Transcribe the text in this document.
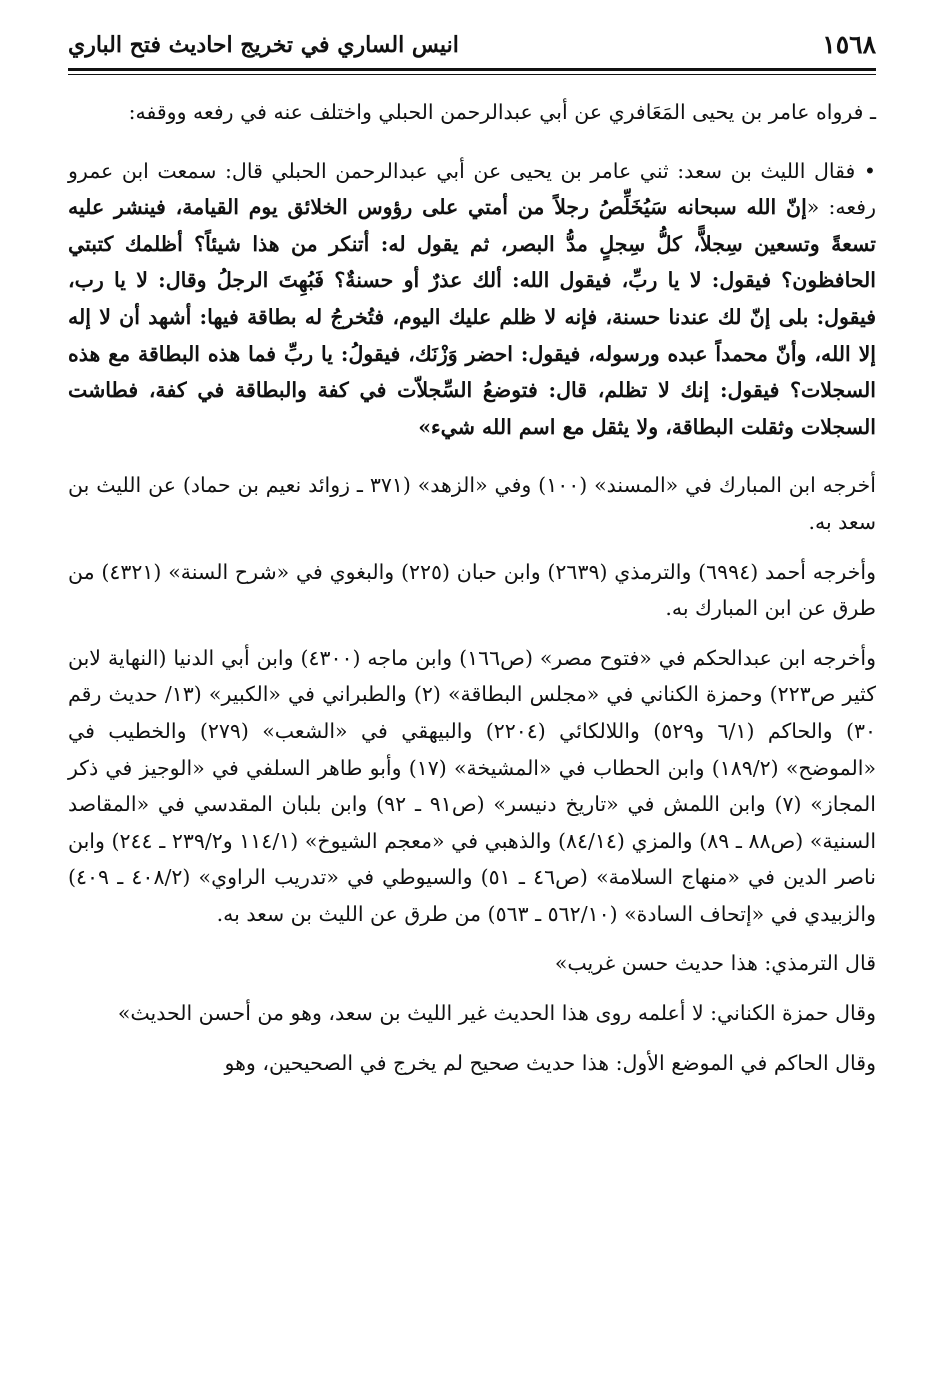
١٥٦٨
انيس الساري في تخريج احاديث فتح الباري

ـ فرواه عامر بن يحيى المَعَافري عن أبي عبدالرحمن الحبلي واختلف عنه في رفعه ووقفه:

• فقال الليث بن سعد: ثني عامر بن يحيى عن أبي عبدالرحمن الحبلي قال: سمعت ابن عمرو رفعه: «إنّ الله سبحانه سَيُخَلِّصُ رجلاً من أمتي على رؤوس الخلائق يوم القيامة، فينشر عليه تسعةً وتسعين سِجلاًّ، كلُّ سِجلٍ مدُّ البصر، ثم يقول له: أتنكر من هذا شيئاً؟ أظلمك كتبتي الحافظون؟ فيقول: لا يا ربِّ، فيقول الله: ألك عذرٌ أو حسنةٌ؟ فَبُهِتَ الرجلُ وقال: لا يا رب، فيقول: بلى إنّ لك عندنا حسنة، فإنه لا ظلم عليك اليوم، فتُخرجُ له بطاقة فيها: أشهد أن لا إله إلا الله، وأنّ محمداً عبده ورسوله، فيقول: احضر وَزْنَك، فيقولُ: يا ربِّ فما هذه البطاقة مع هذه السجلات؟ فيقول: إنك لا تظلم، قال: فتوضعُ السِّجلاّت في كفة والبطاقة في كفة، فطاشت السجلات وثقلت البطاقة، ولا يثقل مع اسم الله شيء»

أخرجه ابن المبارك في «المسند» (١٠٠) وفي «الزهد» (٣٧١ ـ زوائد نعيم بن حماد) عن الليث بن سعد به.

وأخرجه أحمد (٦٩٩٤) والترمذي (٢٦٣٩) وابن حبان (٢٢٥) والبغوي في «شرح السنة» (٤٣٢١) من طرق عن ابن المبارك به.

وأخرجه ابن عبدالحكم في «فتوح مصر» (ص١٦٦) وابن ماجه (٤٣٠٠) وابن أبي الدنيا (النهاية لابن كثير ص٢٢٣) وحمزة الكناني في «مجلس البطاقة» (٢) والطبراني في «الكبير» (١٣/ حديث رقم ٣٠) والحاكم (٦/١ و٥٢٩) واللالكائي (٢٢٠٤) والبيهقي في «الشعب» (٢٧٩) والخطيب في «الموضح» (١٨٩/٢) وابن الحطاب في «المشيخة» (١٧) وأبو طاهر السلفي في «الوجيز في ذكر المجاز» (٧) وابن اللمش في «تاريخ دنيسر» (ص٩١ ـ ٩٢) وابن بلبان المقدسي في «المقاصد السنية» (ص٨٨ ـ ٨٩) والمزي (٨٤/١٤) والذهبي في «معجم الشيوخ» (١١٤/١ و٢٣٩/٢ ـ ٢٤٤) وابن ناصر الدين في «منهاج السلامة» (ص٤٦ ـ ٥١) والسيوطي في «تدريب الراوي» (٤٠٨/٢ ـ ٤٠٩) والزبيدي في «إتحاف السادة» (٥٦٢/١٠ ـ ٥٦٣) من طرق عن الليث بن سعد به.

قال الترمذي: هذا حديث حسن غريب»

وقال حمزة الكناني: لا أعلمه روى هذا الحديث غير الليث بن سعد، وهو من أحسن الحديث»

وقال الحاكم في الموضع الأول: هذا حديث صحيح لم يخرج في الصحيحين، وهو
